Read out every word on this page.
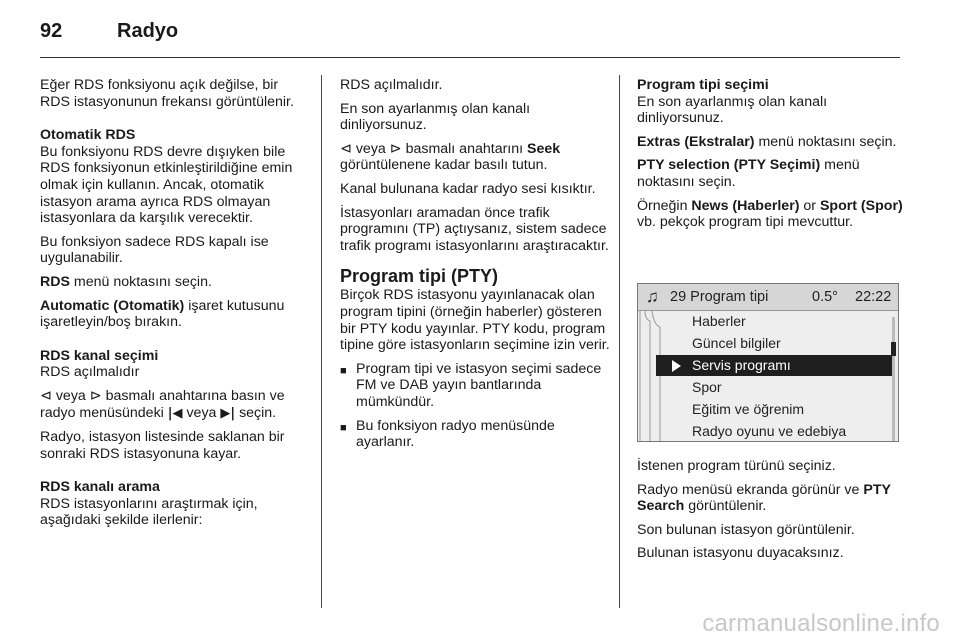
92	Radyo

Eğer RDS fonksiyonu açık değilse, bir RDS istasyonunun frekansı görüntülenir.

Otomatik RDS

Bu fonksiyonu RDS devre dışıyken bile RDS fonksiyonun etkinleştirildiğine emin olmak için kullanın. Ancak, otomatik istasyon arama ayrıca RDS olmayan istasyonlara da karşılık verecektir.

Bu fonksiyon sadece RDS kapalı ise uygulanabilir.

RDS menü noktasını seçin.

Automatic (Otomatik) işaret kutusunu işaretleyin/boş bırakın.

RDS kanal seçimi

RDS açılmalıdır

⊲ veya ⊳ basmalı anahtarına basın ve radyo menüsündeki |◀ veya ▶| seçin.

Radyo, istasyon listesinde saklanan bir sonraki RDS istasyonuna kayar.

RDS kanalı arama

RDS istasyonlarını araştırmak için, aşağıdaki şekilde ilerlenir:

RDS açılmalıdır.

En son ayarlanmış olan kanalı dinliyorsunuz.

⊲ veya ⊳ basmalı anahtarını Seek görüntülenene kadar basılı tutun.

Kanal bulunana kadar radyo sesi kısıktır.

İstasyonları aramadan önce trafik programını (TP) açtıysanız, sistem sadece trafik programı istasyonlarını araştıracaktır.

Program tipi (PTY)

Birçok RDS istasyonu yayınlanacak olan program tipini (örneğin haberler) gösteren bir PTY kodu yayınlar. PTY kodu, program tipine göre istasyonların seçimine izin verir.

■ Program tipi ve istasyon seçimi sadece FM ve DAB yayın bantlarında mümkündür.
■ Bu fonksiyon radyo menüsünde ayarlanır.
Program tipi seçimi

En son ayarlanmış olan kanalı dinliyorsunuz.

Extras (Ekstralar) menü noktasını seçin.

PTY selection (PTY Seçimi) menü noktasını seçin.

Örneğin News (Haberler) or Sport (Spor) vb. pekçok program tipi mevcuttur.

İstenen program türünü seçiniz.

Radyo menüsü ekranda görünür ve PTY Search görüntülenir.

Son bulunan istasyon görüntülenir.

Bulunan istasyonu duyacaksınız.

♫ 29 Program tipi	0.5° 22:22
Haberler
Güncel bilgiler
Servis programı
Spor
Eğitim ve öğrenim
Radyo oyunu ve edebiya
carmanualsonline.info
